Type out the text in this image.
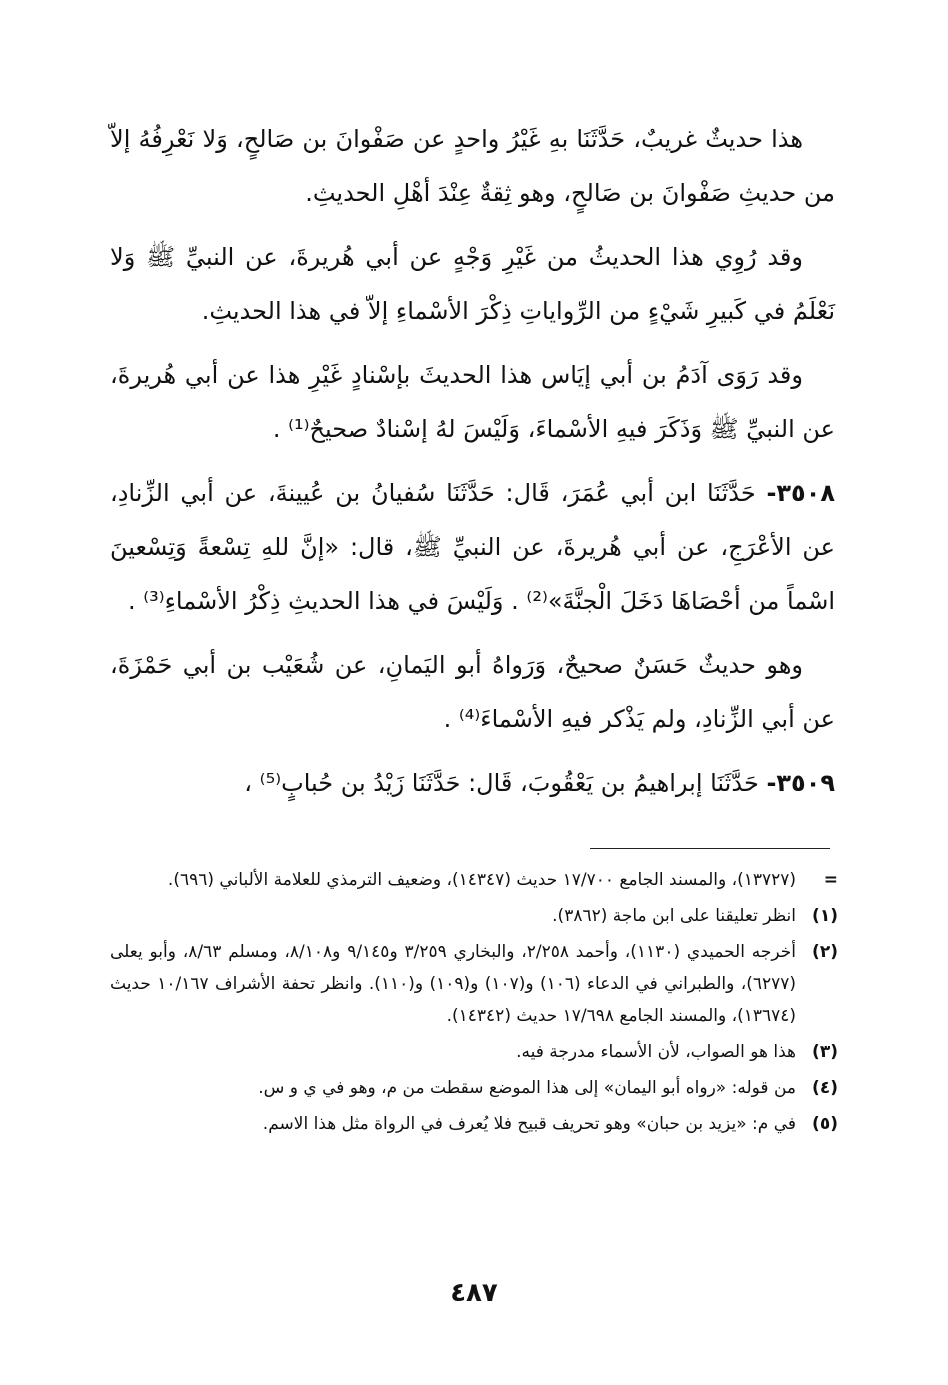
هذا حديثٌ غريبٌ، حَدَّثَنَا بهِ غَيْرُ واحدٍ عن صَفْوانَ بن صَالحٍ، وَلا نَعْرِفُهُ إلاّ من حديثِ صَفْوانَ بن صَالحٍ، وهو ثِقةٌ عِنْدَ أهْلِ الحديثِ.

وقد رُوِي هذا الحديثُ من غَيْرِ وَجْهٍ عن أبي هُريرةَ، عن النبيِّ ﷺ وَلا نَعْلَمُ في كَبيرِ شَيْءٍ من الرِّواياتِ ذِكْرَ الأسْماءِ إلاّ في هذا الحديثِ.

وقد رَوَى آدَمُ بن أبي إيَاس هذا الحديثَ بإسْنادٍ غَيْرِ هذا عن أبي هُريرةَ، عن النبيِّ ﷺ وَذَكَرَ فيهِ الأسْماءَ، وَلَيْسَ لهُ إسْنادٌ صحيحٌ⁽¹⁾ .

٣٥٠٨- حَدَّثَنَا ابن أبي عُمَرَ، قَال: حَدَّثَنَا سُفيانُ بن عُيينةَ، عن أبي الزِّنادِ، عن الأعْرَجِ، عن أبي هُريرةَ، عن النبيِّ ﷺ، قال: «إنَّ للهِ تِسْعةً وَتِسْعينَ اسْماً من أحْصَاهَا دَخَلَ الْجنَّةَ»⁽²⁾ . وَلَيْسَ في هذا الحديثِ ذِكْرُ الأسْماءِ⁽³⁾ .

وهو حديثٌ حَسَنٌ صحيحٌ، وَرَواهُ أبو اليَمانِ، عن شُعَيْب بن أبي حَمْزَةَ، عن أبي الزِّنادِ، ولم يَذْكر فيهِ الأسْماءَ⁽⁴⁾ .

٣٥٠٩- حَدَّثَنَا إبراهيمُ بن يَعْقُوبَ، قَال: حَدَّثَنَا زَيْدُ بن حُبابٍ⁽⁵⁾ ،

=
(١٣٧٢٧)، والمسند الجامع ١٧/٧٠٠ حديث (١٤٣٤٧)، وضعيف الترمذي للعلامة الألباني (٦٩٦).
(١)
انظر تعليقنا على ابن ماجة (٣٨٦٢).
(٢)
أخرجه الحميدي (١١٣٠)، وأحمد ٢/٢٥٨، والبخاري ٣/٢٥٩ و٩/١٤٥ و٨/١٠٨، ومسلم ٨/٦٣، وأبو يعلى (٦٢٧٧)، والطبراني في الدعاء (١٠٦) و(١٠٧) و(١٠٩) و(١١٠). وانظر تحفة الأشراف ١٠/١٦٧ حديث (١٣٦٧٤)، والمسند الجامع ١٧/٦٩٨ حديث (١٤٣٤٢).
(٣)
هذا هو الصواب، لأن الأسماء مدرجة فيه.
(٤)
من قوله: «رواه أبو اليمان» إلى هذا الموضع سقطت من م، وهو في ي و س.
(٥)
في م: «يزيد بن حبان» وهو تحريف قبيح فلا يُعرف في الرواة مثل هذا الاسم.
٤٨٧
